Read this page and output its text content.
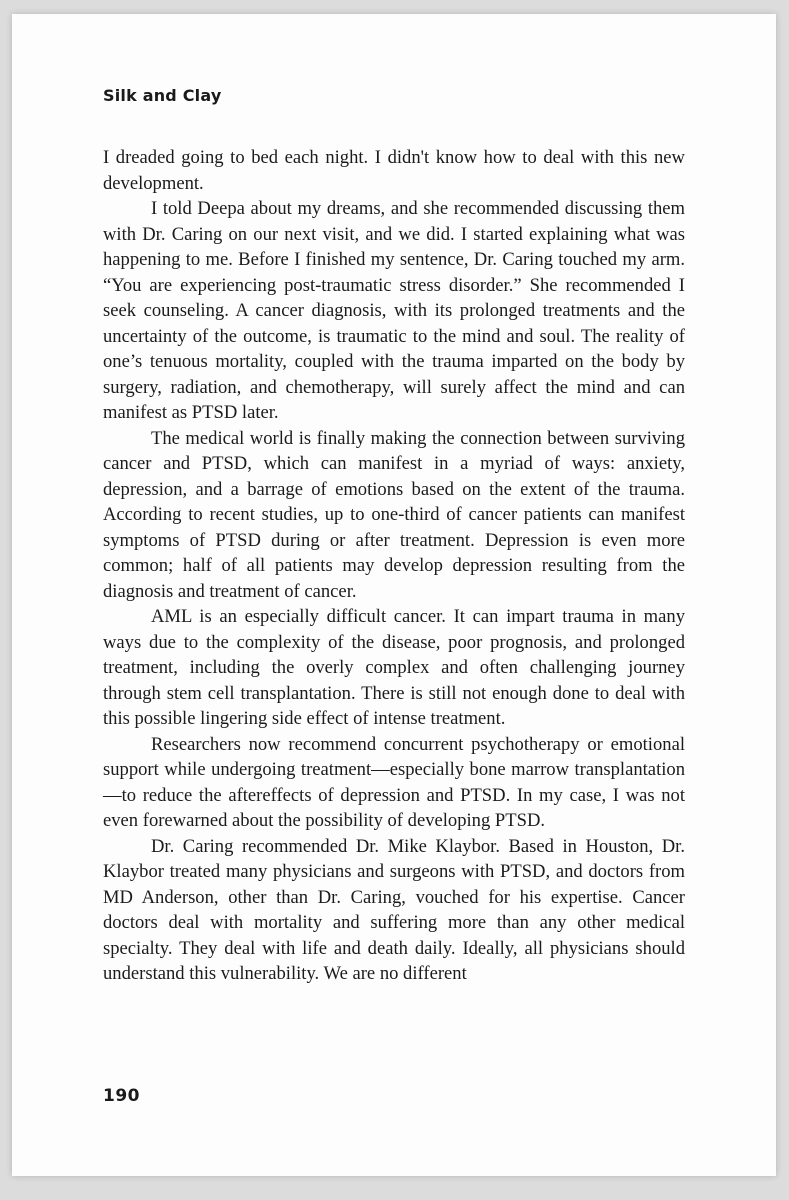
Silk and Clay

I dreaded going to bed each night. I didn't know how to deal with this new development.

I told Deepa about my dreams, and she recommended discussing them with Dr. Caring on our next visit, and we did. I started explaining what was happening to me. Before I finished my sentence, Dr. Caring touched my arm. “You are experiencing post-traumatic stress disorder.” She recommended I seek counseling. A cancer diagnosis, with its prolonged treatments and the uncertainty of the outcome, is traumatic to the mind and soul. The reality of one’s tenuous mortality, coupled with the trauma imparted on the body by surgery, radiation, and chemotherapy, will surely affect the mind and can manifest as PTSD later.

The medical world is finally making the connection between surviving cancer and PTSD, which can manifest in a myriad of ways: anxiety, depression, and a barrage of emotions based on the extent of the trauma. According to recent studies, up to one-third of cancer patients can manifest symptoms of PTSD during or after treatment. Depression is even more common; half of all patients may develop depression resulting from the diagnosis and treatment of cancer.

AML is an especially difficult cancer. It can impart trauma in many ways due to the complexity of the disease, poor prognosis, and prolonged treatment, including the overly complex and often challenging journey through stem cell transplantation. There is still not enough done to deal with this possible lingering side effect of intense treatment.

Researchers now recommend concurrent psychotherapy or emotional support while undergoing treatment—especially bone marrow transplantation—to reduce the aftereffects of depression and PTSD. In my case, I was not even forewarned about the possibility of developing PTSD.

Dr. Caring recommended Dr. Mike Klaybor. Based in Houston, Dr. Klaybor treated many physicians and surgeons with PTSD, and doctors from MD Anderson, other than Dr. Caring, vouched for his expertise. Cancer doctors deal with mortality and suffering more than any other medical specialty. They deal with life and death daily. Ideally, all physicians should understand this vulnerability. We are no different

190
